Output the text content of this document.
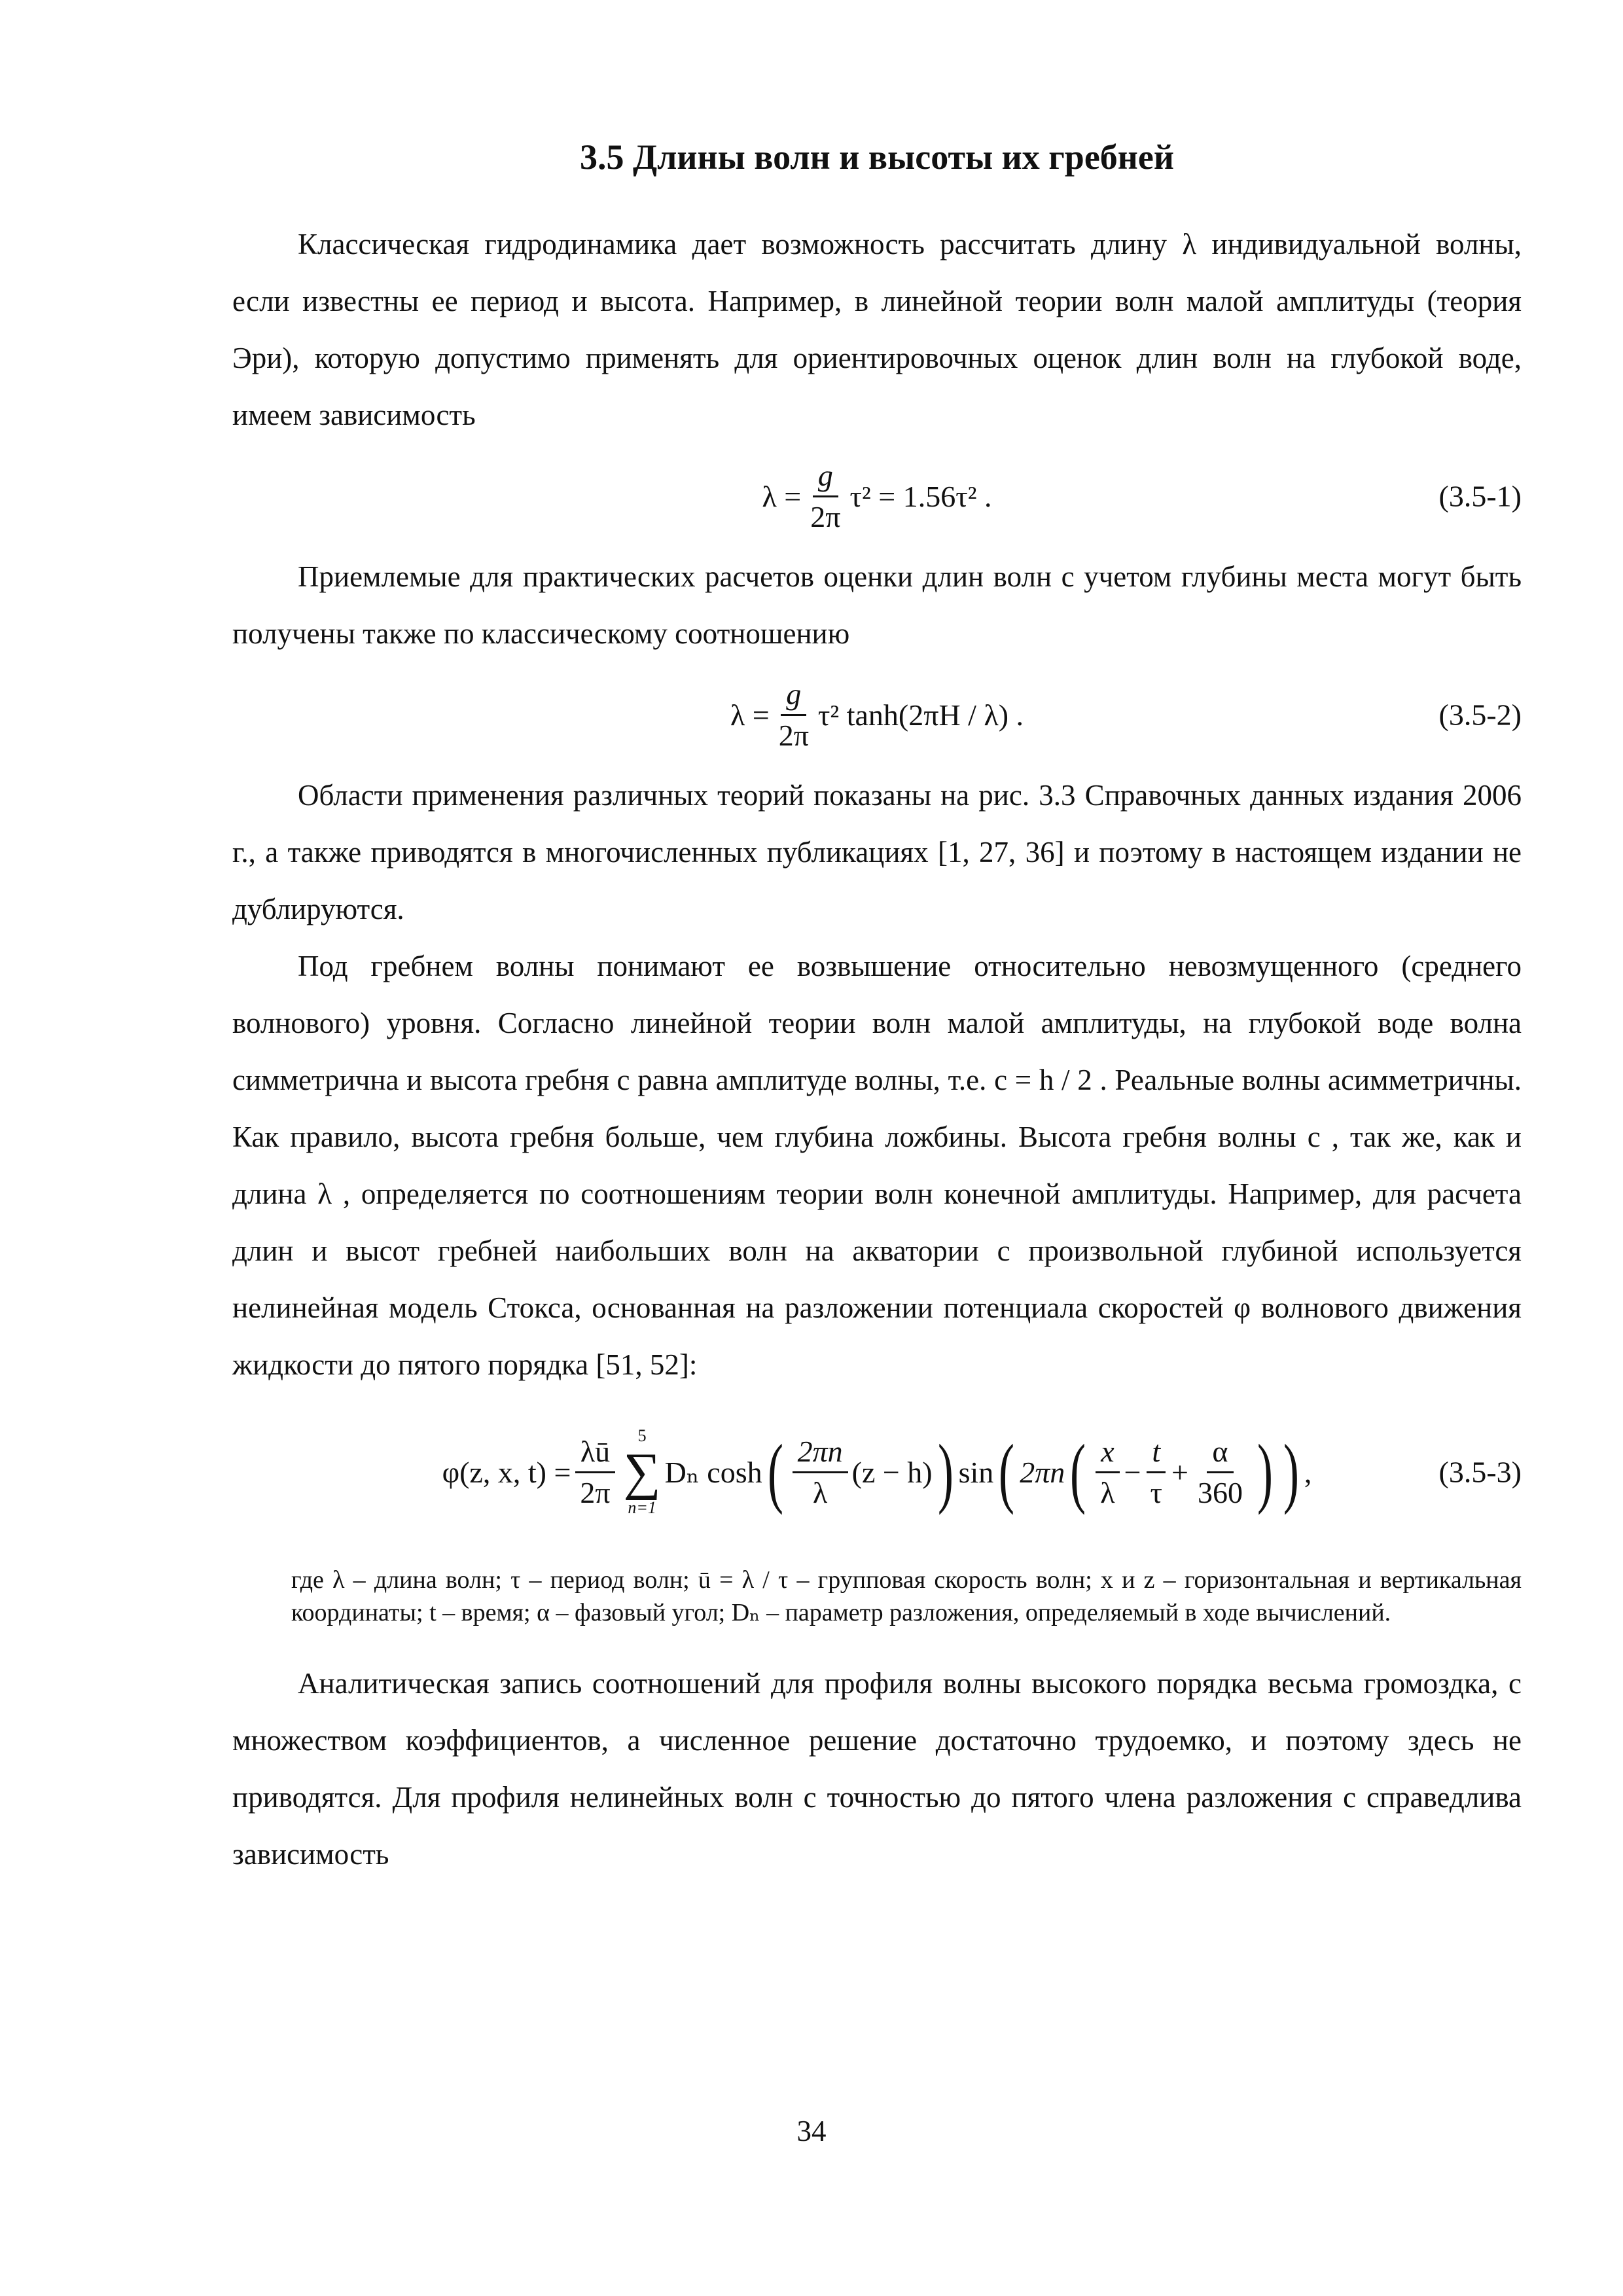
3.5 Длины волн и высоты их гребней

Классическая гидродинамика дает возможность рассчитать длину λ индивидуальной волны, если известны ее период и высота. Например, в линейной теории волн малой амплитуды (теория Эри), которую допустимо применять для ориентировочных оценок длин волн на глубокой воде, имеем зависимость

$\lambda = \frac{g}{2\pi} \tau^2 = 1.56\tau^2$ .	(3.5-1)

Приемлемые для практических расчетов оценки длин волн с учетом глубины места могут быть получены также по классическому соотношению

$\lambda = \frac{g}{2\pi} \tau^2$ tanh(2πH / λ) .	(3.5-2)

Области применения различных теорий показаны на рис. 3.3 Справочных данных издания 2006 г., а также приводятся в многочисленных публикациях [1, 27, 36] и поэтому в настоящем издании не дублируются.

Под гребнем волны понимают ее возвышение относительно невозмущенного (среднего волнового) уровня. Согласно линейной теории волн малой амплитуды, на глубокой воде волна симметрична и высота гребня c равна амплитуде волны, т.е. c = h / 2 . Реальные волны асимметричны. Как правило, высота гребня больше, чем глубина ложбины. Высота гребня волны c , так же, как и длина λ , определяется по соотношениям теории волн конечной амплитуды. Например, для расчета длин и высот гребней наибольших волн на акватории с произвольной глубиной используется нелинейная модель Стокса, основанная на разложении потенциала скоростей φ волнового движения жидкости до пятого порядка [51, 52]:

φ(z, x, $t) = \frac{\lambda ū}{2\pi} 5$
∑
n=1
Dₙ cosh ( $\frac{2\pi n}{\lambda} (z - h)$ ) sin ( 2πn ( $\frac{x}{\lambda} - \frac{t}{\tau} + \frac{\alpha}{360}$ ) ) ,	(3.5-3)
где λ – длина волн; τ – период волн; ū = λ / τ – групповая скорость волн; x и z – горизонтальная и вертикальная координаты; t – время; α – фазовый угол; Dₙ – параметр разложения, определяемый в ходе вычислений.

Аналитическая запись соотношений для профиля волны высокого порядка весьма громоздка, с множеством коэффициентов, а численное решение достаточно трудоемко, и поэтому здесь не приводятся. Для профиля нелинейных волн с точностью до пятого члена разложения c справедлива зависимость

34
